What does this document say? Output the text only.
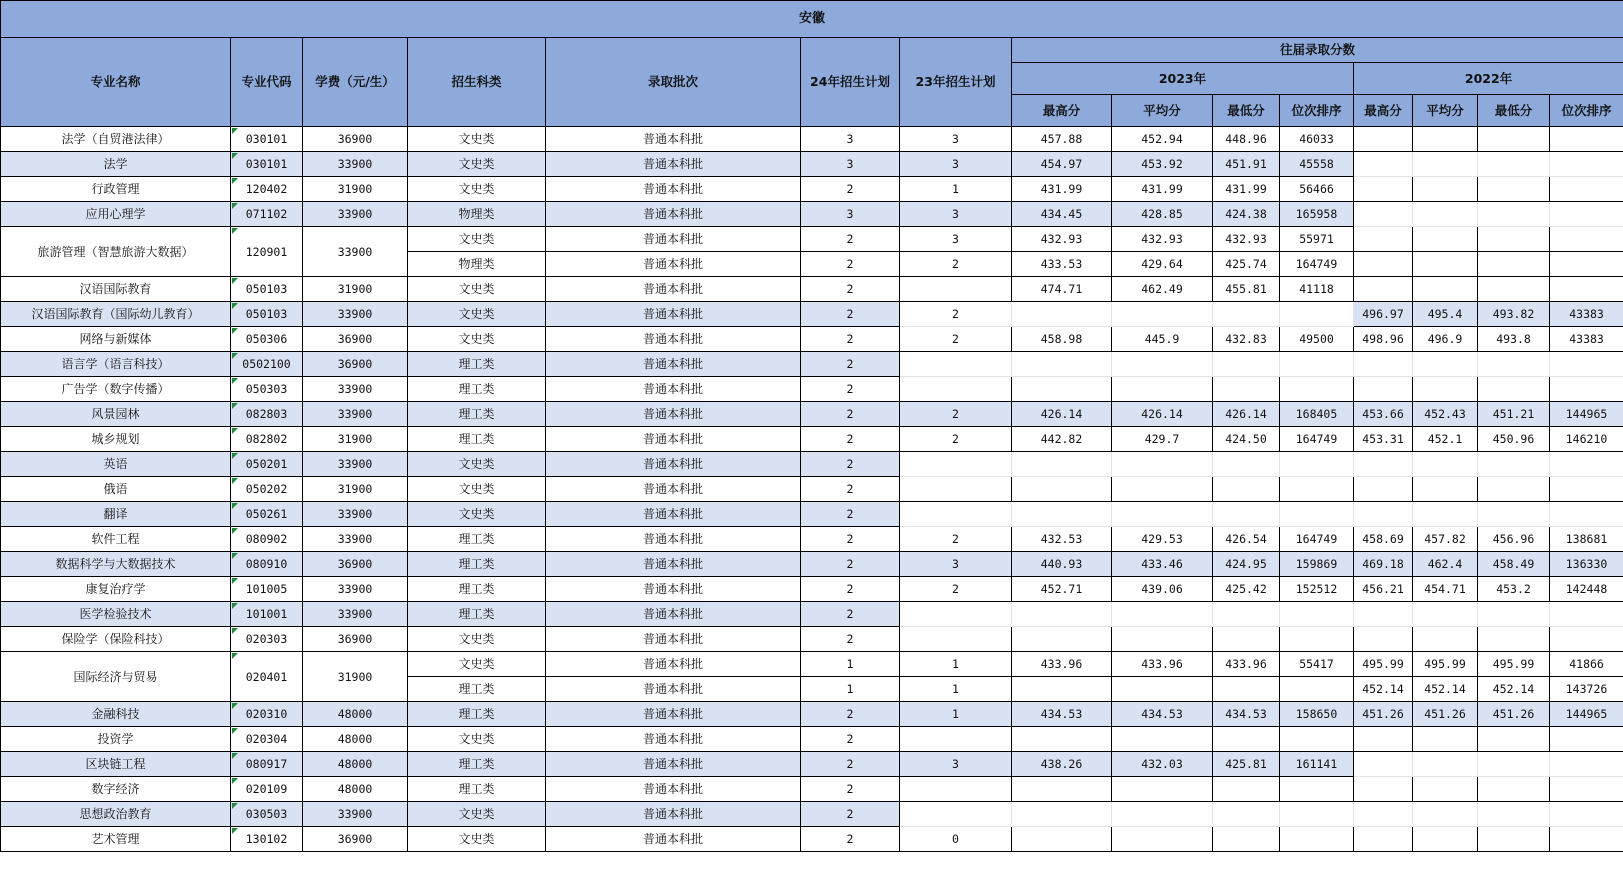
安徽														
专业名称	专业代码	学费（元/生）	招生科类	录取批次	24年招生计划	23年招生计划	往届录取分数							
							2023年				2022年			
							最高分	平均分	最低分	位次排序	最高分	平均分	最低分	位次排序
法学（自贸港法律）	030101	36900	文史类	普通本科批	3	3	457.88	452.94	448.96	46033				
法学	030101	33900	文史类	普通本科批	3	3	454.97	453.92	451.91	45558				
行政管理	120402	31900	文史类	普通本科批	2	1	431.99	431.99	431.99	56466				
应用心理学	071102	33900	物理类	普通本科批	3	3	434.45	428.85	424.38	165958				
旅游管理（智慧旅游大数据）	120901	33900	文史类	普通本科批	2	3	432.93	432.93	432.93	55971				
			物理类	普通本科批	2	2	433.53	429.64	425.74	164749				
汉语国际教育	050103	31900	文史类	普通本科批	2		474.71	462.49	455.81	41118				
汉语国际教育（国际幼儿教育）	050103	33900	文史类	普通本科批	2	2					496.97	495.4	493.82	43383
网络与新媒体	050306	36900	文史类	普通本科批	2	2	458.98	445.9	432.83	49500	498.96	496.9	493.8	43383
语言学（语言科技）	0502100	36900	理工类	普通本科批	2									
广告学（数字传播）	050303	33900	理工类	普通本科批	2									
风景园林	082803	33900	理工类	普通本科批	2	2	426.14	426.14	426.14	168405	453.66	452.43	451.21	144965
城乡规划	082802	31900	理工类	普通本科批	2	2	442.82	429.7	424.50	164749	453.31	452.1	450.96	146210
英语	050201	33900	文史类	普通本科批	2									
俄语	050202	31900	文史类	普通本科批	2									
翻译	050261	33900	文史类	普通本科批	2									
软件工程	080902	33900	理工类	普通本科批	2	2	432.53	429.53	426.54	164749	458.69	457.82	456.96	138681
数据科学与大数据技术	080910	36900	理工类	普通本科批	2	3	440.93	433.46	424.95	159869	469.18	462.4	458.49	136330
康复治疗学	101005	33900	理工类	普通本科批	2	2	452.71	439.06	425.42	152512	456.21	454.71	453.2	142448
医学检验技术	101001	33900	理工类	普通本科批	2									
保险学（保险科技）	020303	36900	文史类	普通本科批	2									
国际经济与贸易	020401	31900	文史类	普通本科批	1	1	433.96	433.96	433.96	55417	495.99	495.99	495.99	41866
			理工类	普通本科批	1	1					452.14	452.14	452.14	143726
金融科技	020310	48000	理工类	普通本科批	2	1	434.53	434.53	434.53	158650	451.26	451.26	451.26	144965
投资学	020304	48000	文史类	普通本科批	2									
区块链工程	080917	48000	理工类	普通本科批	2	3	438.26	432.03	425.81	161141				
数字经济	020109	48000	理工类	普通本科批	2									
思想政治教育	030503	33900	文史类	普通本科批	2									
艺术管理	130102	36900	文史类	普通本科批	2	0								
